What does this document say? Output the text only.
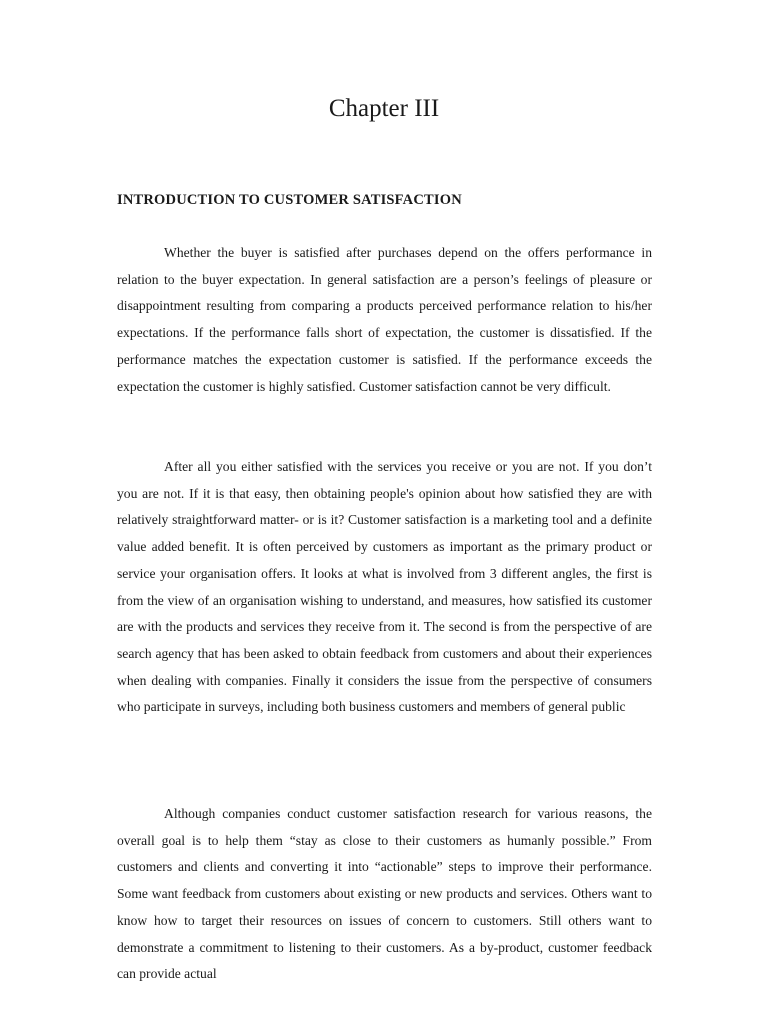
Chapter III
INTRODUCTION TO CUSTOMER SATISFACTION

Whether the buyer is satisfied after purchases depend on the offers performance in relation to the buyer expectation. In general satisfaction are a person’s feelings of pleasure or disappointment resulting from comparing a products perceived performance relation to his/her expectations. If the performance falls short of expectation, the customer is dissatisfied. If the performance matches the expectation customer is satisfied. If the performance exceeds the expectation the customer is highly satisfied. Customer satisfaction cannot be very difficult.

After all you either satisfied with the services you receive or you are not. If you don’t you are not. If it is that easy, then obtaining people's opinion about how satisfied they are with relatively straightforward matter- or is it? Customer satisfaction is a marketing tool and a definite value added benefit. It is often perceived by customers as important as the primary product or service your organisation offers. It looks at what is involved from 3 different angles, the first is from the view of an organisation wishing to understand, and measures, how satisfied its customer are with the products and services they receive from it. The second is from the perspective of are search agency that has been asked to obtain feedback from customers and about their experiences when dealing with companies. Finally it considers the issue from the perspective of consumers who participate in surveys, including both business customers and members of general public

Although companies conduct customer satisfaction research for various reasons, the overall goal is to help them “stay as close to their customers as humanly possible.” From customers and clients and converting it into “actionable” steps to improve their performance. Some want feedback from customers about existing or new products and services. Others want to know how to target their resources on issues of concern to customers. Still others want to demonstrate a commitment to listening to their customers. As a by-product, customer feedback can provide actual
